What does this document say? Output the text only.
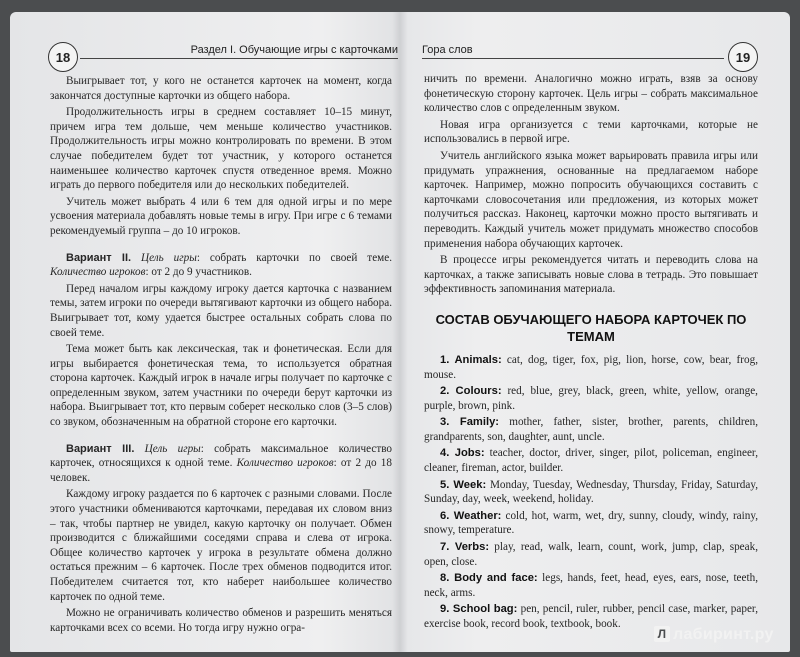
18	Раздел I. Обучающие игры с карточками

Выигрывает тот, у кого не останется карточек на момент, когда закончатся доступные карточки из общего набора.

Продолжительность игры в среднем составляет 10–15 минут, причем игра тем дольше, чем меньше количество участников. Продолжительность игры можно контролировать по времени. В этом случае победителем будет тот участник, у которого останется наименьшее количество карточек спустя отведенное время. Можно играть до первого победителя или до нескольких победителей.

Учитель может выбрать 4 или 6 тем для одной игры и по мере усвоения материала добавлять новые темы в игру. При игре с 6 темами рекомендуемый группа – до 10 игроков.

Вариант II. Цель игры: собрать карточки по своей теме. Количество игроков: от 2 до 9 участников.

Перед началом игры каждому игроку дается карточка с названием темы, затем игроки по очереди вытягивают карточки из общего набора. Выигрывает тот, кому удается быстрее остальных собрать слова по своей теме.

Тема может быть как лексическая, так и фонетическая. Если для игры выбирается фонетическая тема, то используется обратная сторона карточек. Каждый игрок в начале игры получает по карточке с определенным звуком, затем участники по очереди берут карточки из набора. Выигрывает тот, кто первым соберет несколько слов (3–5 слов) со звуком, обозначенным на обратной стороне его карточки.

Вариант III. Цель игры: собрать максимальное количество карточек, относящихся к одной теме. Количество игроков: от 2 до 18 человек.

Каждому игроку раздается по 6 карточек с разными словами. После этого участники обмениваются карточками, передавая их словом вниз – так, чтобы партнер не увидел, какую карточку он получает. Обмен производится с ближайшими соседями справа и слева от игрока. Общее количество карточек у игрока в результате обмена должно остаться прежним – 6 карточек. После трех обменов подводится итог. Победителем считается тот, кто наберет наибольшее количество карточек по одной теме.

Можно не ограничивать количество обменов и разрешить меняться карточками всех со всеми. Но тогда игру нужно огра-

Гора слов	19

ничить по времени. Аналогично можно играть, взяв за основу фонетическую сторону карточек. Цель игры – собрать максимальное количество слов с определенным звуком.

Новая игра организуется с теми карточками, которые не использовались в первой игре.

Учитель английского языка может варьировать правила игры или придумать упражнения, основанные на предлагаемом наборе карточек. Например, можно попросить обучающихся составить с карточками словосочетания или предложения, из которых может получиться рассказ. Наконец, карточки можно просто вытягивать и переводить. Каждый учитель может придумать множество способов применения набора обучающих карточек.

В процессе игры рекомендуется читать и переводить слова на карточках, а также записывать новые слова в тетрадь. Это повышает эффективность запоминания материала.

СОСТАВ ОБУЧАЮЩЕГО НАБОРА КАРТОЧЕК ПО ТЕМАМ

1. Animals: cat, dog, tiger, fox, pig, lion, horse, cow, bear, frog, mouse.

2. Colours: red, blue, grey, black, green, white, yellow, orange, purple, brown, pink.

3. Family: mother, father, sister, brother, parents, children, grandparents, son, daughter, aunt, uncle.

4. Jobs: teacher, doctor, driver, singer, pilot, policeman, engineer, cleaner, fireman, actor, builder.

5. Week: Monday, Tuesday, Wednesday, Thursday, Friday, Saturday, Sunday, day, week, weekend, holiday.

6. Weather: cold, hot, warm, wet, dry, sunny, cloudy, windy, rainy, snowy, temperature.

7. Verbs: play, read, walk, learn, count, work, jump, clap, speak, open, close.

8. Body and face: legs, hands, feet, head, eyes, ears, nose, teeth, neck, arms.

9. School bag: pen, pencil, ruler, rubber, pencil case, marker, paper, exercise book, record book, textbook, book.

Л лабиринт.ру
